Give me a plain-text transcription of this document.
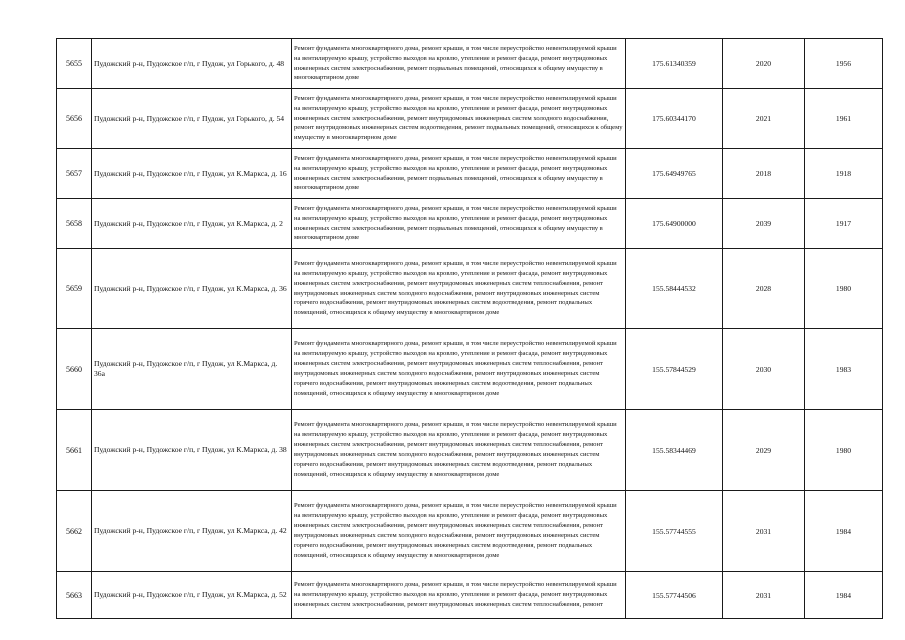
5655	Пудожский р-н, Пудожское г/п, г Пудож, ул Горького, д. 48	Ремонт фундамента многоквартирного дома, ремонт крыши, в том числе переустройство невентилируемой крыши на вентилируемую крышу, устройство выходов на кровлю, утепление и ремонт фасада, ремонт внутридомовых инженерных систем электроснабжения, ремонт подвальных помещений, относящихся к общему имуществу в многоквартирном доме	175.61340359	2020	1956
5656	Пудожский р-н, Пудожское г/п, г Пудож, ул Горького, д. 54	Ремонт фундамента многоквартирного дома, ремонт крыши, в том числе переустройство невентилируемой крыши на вентилируемую крышу, устройство выходов на кровлю, утепление и ремонт фасада, ремонт внутридомовых инженерных систем электроснабжения, ремонт внутридомовых инженерных систем холодного водоснабжения, ремонт внутридомовых инженерных систем водоотведения, ремонт подвальных помещений, относящихся к общему имуществу в многоквартирном доме	175.60344170	2021	1961
5657	Пудожский р-н, Пудожское г/п, г Пудож, ул К.Маркса, д. 16	Ремонт фундамента многоквартирного дома, ремонт крыши, в том числе переустройство невентилируемой крыши на вентилируемую крышу, устройство выходов на кровлю, утепление и ремонт фасада, ремонт внутридомовых инженерных систем электроснабжения, ремонт подвальных помещений, относящихся к общему имуществу в многоквартирном доме	175.64949765	2018	1918
5658	Пудожский р-н, Пудожское г/п, г Пудож, ул К.Маркса, д. 2	Ремонт фундамента многоквартирного дома, ремонт крыши, в том числе переустройство невентилируемой крыши на вентилируемую крышу, устройство выходов на кровлю, утепление и ремонт фасада, ремонт внутридомовых инженерных систем электроснабжения, ремонт подвальных помещений, относящихся к общему имуществу в многоквартирном доме	175.64900000	2039	1917
5659	Пудожский р-н, Пудожское г/п, г Пудож, ул К.Маркса, д. 36	Ремонт фундамента многоквартирного дома, ремонт крыши, в том числе переустройство невентилируемой крыши на вентилируемую крышу, устройство выходов на кровлю, утепление и ремонт фасада, ремонт внутридомовых инженерных систем электроснабжения, ремонт внутридомовых инженерных систем теплоснабжения, ремонт внутридомовых инженерных систем холодного водоснабжения, ремонт внутридомовых инженерных систем горячего водоснабжения, ремонт внутридомовых инженерных систем водоотведения, ремонт подвальных помещений, относящихся к общему имуществу в многоквартирном доме	155.58444532	2028	1980
5660	Пудожский р-н, Пудожское г/п, г Пудож, ул К.Маркса, д. 36а	Ремонт фундамента многоквартирного дома, ремонт крыши, в том числе переустройство невентилируемой крыши на вентилируемую крышу, устройство выходов на кровлю, утепление и ремонт фасада, ремонт внутридомовых инженерных систем электроснабжения, ремонт внутридомовых инженерных систем теплоснабжения, ремонт внутридомовых инженерных систем холодного водоснабжения, ремонт внутридомовых инженерных систем горячего водоснабжения, ремонт внутридомовых инженерных систем водоотведения, ремонт подвальных помещений, относящихся к общему имуществу в многоквартирном доме	155.57844529	2030	1983
5661	Пудожский р-н, Пудожское г/п, г Пудож, ул К.Маркса, д. 38	Ремонт фундамента многоквартирного дома, ремонт крыши, в том числе переустройство невентилируемой крыши на вентилируемую крышу, устройство выходов на кровлю, утепление и ремонт фасада, ремонт внутридомовых инженерных систем электроснабжения, ремонт внутридомовых инженерных систем теплоснабжения, ремонт внутридомовых инженерных систем холодного водоснабжения, ремонт внутридомовых инженерных систем горячего водоснабжения, ремонт внутридомовых инженерных систем водоотведения, ремонт подвальных помещений, относящихся к общему имуществу в многоквартирном доме	155.58344469	2029	1980
5662	Пудожский р-н, Пудожское г/п, г Пудож, ул К.Маркса, д. 42	Ремонт фундамента многоквартирного дома, ремонт крыши, в том числе переустройство невентилируемой крыши на вентилируемую крышу, устройство выходов на кровлю, утепление и ремонт фасада, ремонт внутридомовых инженерных систем электроснабжения, ремонт внутридомовых инженерных систем теплоснабжения, ремонт внутридомовых инженерных систем холодного водоснабжения, ремонт внутридомовых инженерных систем горячего водоснабжения, ремонт внутридомовых инженерных систем водоотведения, ремонт подвальных помещений, относящихся к общему имуществу в многоквартирном доме	155.57744555	2031	1984
5663	Пудожский р-н, Пудожское г/п, г Пудож, ул К.Маркса, д. 52	Ремонт фундамента многоквартирного дома, ремонт крыши, в том числе переустройство невентилируемой крыши на вентилируемую крышу, устройство выходов на кровлю, утепление и ремонт фасада, ремонт внутридомовых инженерных систем электроснабжения, ремонт внутридомовых инженерных систем теплоснабжения, ремонт	155.57744506	2031	1984
